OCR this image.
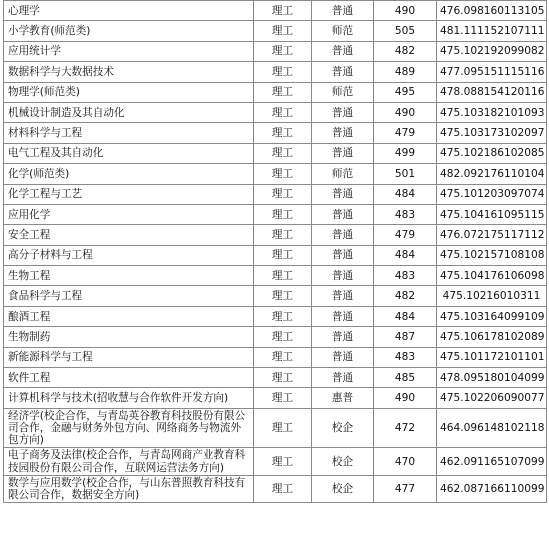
心理学	理工	普通	490	476.098160113105
小学教育(师范类)	理工	师范	505	481.111152107111
应用统计学	理工	普通	482	475.102192099082
数据科学与大数据技术	理工	普通	489	477.095151115116
物理学(师范类)	理工	师范	495	478.088154120116
机械设计制造及其自动化	理工	普通	490	475.103182101093
材料科学与工程	理工	普通	479	475.103173102097
电气工程及其自动化	理工	普通	499	475.102186102085
化学(师范类)	理工	师范	501	482.092176110104
化学工程与工艺	理工	普通	484	475.101203097074
应用化学	理工	普通	483	475.104161095115
安全工程	理工	普通	479	476.072175117112
高分子材料与工程	理工	普通	484	475.102157108108
生物工程	理工	普通	483	475.104176106098
食品科学与工程	理工	普通	482	475.10216010311
酿酒工程	理工	普通	484	475.103164099109
生物制药	理工	普通	487	475.106178102089
新能源科学与工程	理工	普通	483	475.101172101101
软件工程	理工	普通	485	478.095180104099
计算机科学与技术(招收慧与合作软件开发方向)	理工	惠普	490	475.102206090077
经济学(校企合作，与青岛英谷教育科技股份有限公司合作，金融与财务外包方向、网络商务与物流外包方向)	理工	校企	472	464.096148102118
电子商务及法律(校企合作，与青岛网商产业教育科技园股份有限公司合作，互联网运营法务方向)	理工	校企	470	462.091165107099
数学与应用数学(校企合作，与山东普照教育科技有限公司合作，数据安全方向)	理工	校企	477	462.087166110099
